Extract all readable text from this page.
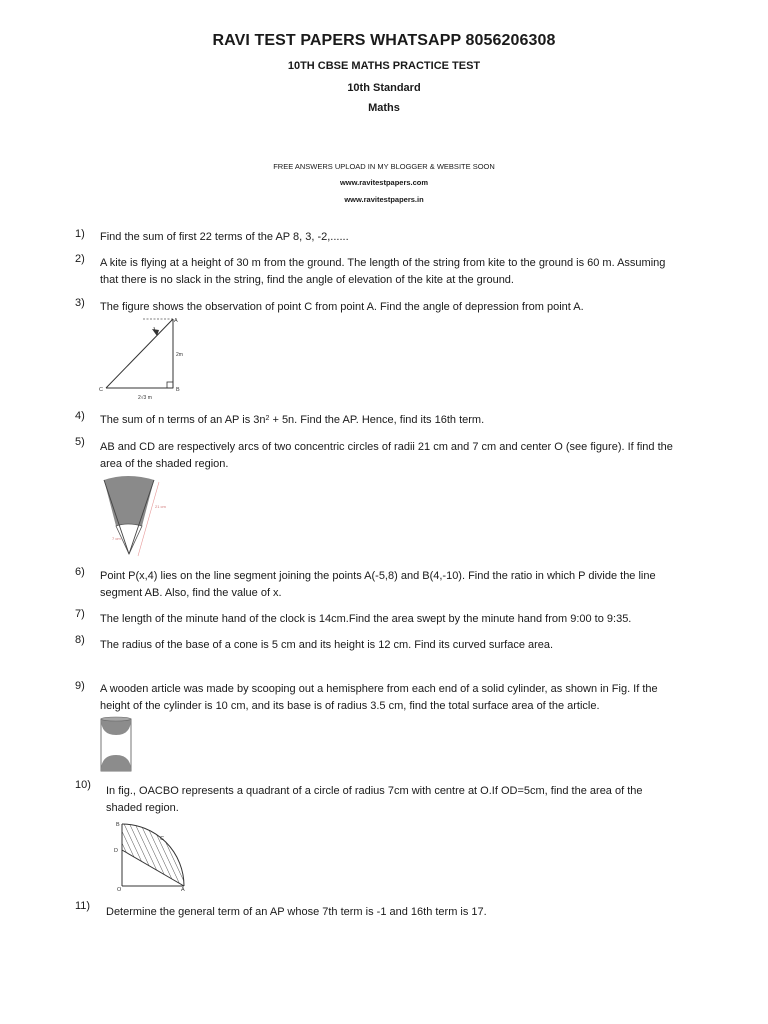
RAVI TEST PAPERS WHATSAPP 8056206308
10TH CBSE MATHS PRACTICE TEST
10th Standard
Maths
FREE ANSWERS UPLOAD IN MY BLOGGER & WEBSITE SOON
www.ravitestpapers.com
www.ravitestpapers.in
1) Find the sum of first 22 terms of the AP 8, 3, -2,......
2) A kite is flying at a height of 30 m from the ground. The length of the string from kite to the ground is 60 m. Assuming that there is no slack in the string, find the angle of elevation of the kite at the ground.
3) The figure shows the observation of point C from point A. Find the angle of depression from point A.
A
B
C
2m
2√3 m
4) The sum of n terms of an AP is $3n^2 + 5n$. Find the AP. Hence, find its 16th term.
5) AB and CD are respectively arcs of two concentric circles of radii 21 cm and 7 cm and center O (see figure). If find the area of the shaded region.
21 cm
7 cm
6) Point P(x,4) lies on the line segment joining the points A(-5,8) and B(4,-10). Find the ratio in which P divide the line segment AB. Also, find the value of x.
7) The length of the minute hand of the clock is 14cm.Find the area swept by the minute hand from 9:00 to 9:35.
8) The radius of the base of a cone is 5 cm and its height is 12 cm. Find its curved surface area.
9) A wooden article was made by scooping out a hemisphere from each end of a solid cylinder, as shown in Fig. If the height of the cylinder is 10 cm, and its base is of radius 3.5 cm, find the total surface area of the article.
10) In fig., OACBO represents a quadrant of a circle of radius 7cm with centre at O.If OD=5cm, find the area of the shaded region.
B
C
D
O	A
11) Determine the general term of an AP whose 7th term is -1 and 16th term is 17.
